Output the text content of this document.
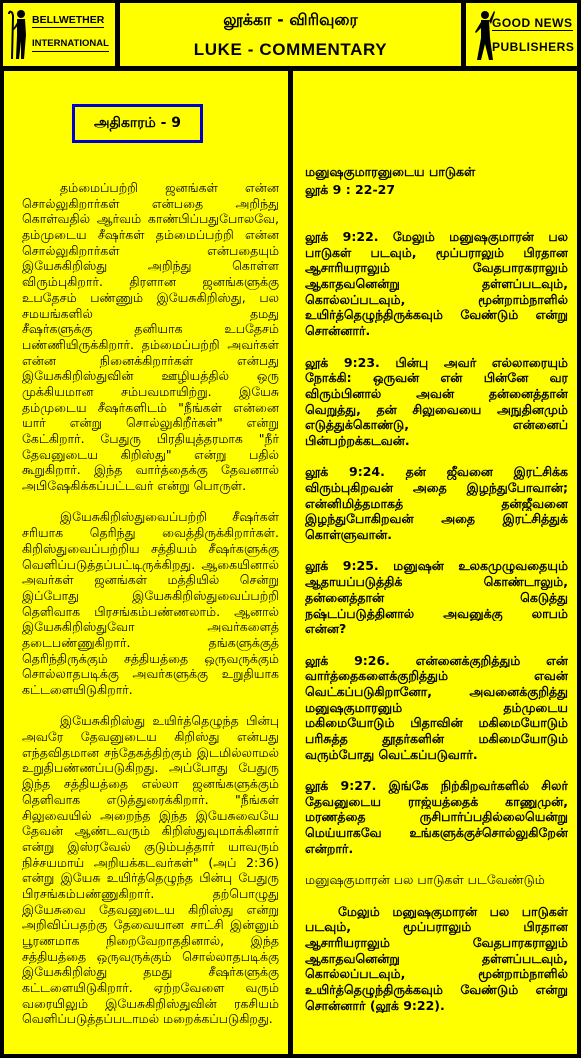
BELLWETHER
INTERNATIONAL
லூக்கா - விரிவுரை
LUKE - COMMENTARY
GOOD NEWS
PUBLISHERS
அதிகாரம் - 9
தம்மைப்பற்றி ஜனங்கள் என்ன
சொல்லுகிறார்கள் என்பதை அறிந்து
கொள்வதில் ஆர்வம் காண்பிப்பதுபோலவே,
தம்முடைய சீஷர்கள் தம்மைப்பற்றி என்ன
சொல்லுகிறார்கள் என்பதையும்
இயேசுகிறிஸ்து அறிந்து கொள்ள
விரும்புகிறார். திரளான ஜனங்களுக்கு
உபதேசம் பண்ணும் இயேசுகிறிஸ்து, பல
சமயங்களில் தமது
சீஷர்களுக்கு தனியாக உபதேசம்
பண்ணியிருக்கிறார். தம்மைப்பற்றி அவர்கள்
என்ன நினைக்கிறார்கள் என்பது
இயேசுகிறிஸ்துவின் ஊழியத்தில் ஒரு
முக்கியமான சம்பவமாயிற்று. இயேசு
தம்முடைய சீஷர்களிடம் "நீங்கள் என்னை
யார் என்று சொல்லுகிறீர்கள்" என்று
கேட்கிறார். பேதுரு பிரதியுத்தரமாக "நீர்
தேவனுடைய கிறிஸ்து" என்று பதில்
கூறுகிறார். இந்த வார்த்தைக்கு தேவனால்
அபிஷேகிக்கப்பட்டவர் என்று பொருள்.
இயேசுகிறிஸ்துவைப்பற்றி சீஷர்கள்
சரியாக தெரிந்து வைத்திருக்கிறார்கள்.
கிறிஸ்துவைப்பற்றிய சத்தியம் சீஷர்களுக்கு
வெளிப்படுத்தப்பட்டிருக்கிறது. ஆகையினால்
அவர்கள் ஜனங்கள் மத்தியில் சென்று
இப்போது இயேசுகிறிஸ்துவைப்பற்றி
தெளிவாக பிரசங்கம்பண்ணலாம். ஆனால்
இயேசுகிறிஸ்துவோ அவர்களைத்
தடைபண்ணுகிறார். தங்களுக்குத்
தெரிந்திருக்கும் சத்தியத்தை ஒருவருக்கும்
சொல்லாதபடிக்கு அவர்களுக்கு உறுதியாக
கட்டளையிடுகிறார்.
இயேசுகிறிஸ்து உயிர்த்தெழுந்த பின்பு
அவரே தேவனுடைய கிறிஸ்து என்பது
எந்தவிதமான சந்தேகத்திற்கும் இடமில்லாமல்
உறுதிபண்ணப்படுகிறது. அப்போது பேதுரு
இந்த சத்தியத்தை எல்லா ஜனங்களுக்கும்
தெளிவாக எடுத்துரைக்கிறார். "நீங்கள்
சிலுவையில் அறைந்த இந்த இயேசுவையே
தேவன் ஆண்டவரும் கிறிஸ்துவுமாக்கினார்
என்று இஸ்ரவேல் குடும்பத்தார் யாவரும்
நிச்சயமாய் அறியக்கடவர்கள்" (அப் 2:36)
என்று இயேசு உயிர்த்தெழுந்த பின்பு பேதுரு
பிரசங்கம்பண்ணுகிறார். தற்பொழுது
இயேசுவை தேவனுடைய கிறிஸ்து என்று
அறிவிப்பதற்கு தேவையான சாட்சி இன்னும்
பூரணமாக நிறைவேறாததினால், இந்த
சத்தியத்தை ஒருவருக்கும் சொல்லாதபடிக்கு
இயேசுகிறிஸ்து தமது சீஷர்களுக்கு
கட்டளையிடுகிறார். ஏற்றவேளை வரும்
வரையிலும் இயேசுகிறிஸ்துவின் ரகசியம்
வெளிப்படுத்தப்படாமல் மறைக்கப்படுகிறது.
மனுஷகுமாரனுடைய பாடுகள்
லூக் 9 : 22-27
லூக் 9:22. மேலும் மனுஷகுமாரன் பல
பாடுகள் படவும், மூப்பராலும் பிரதான
ஆசாரியராலும் வேதபாரகராலும்
ஆகாதவனென்று தள்ளப்படவும்,
கொல்லப்படவும், மூன்றாம்நாளில்
உயிர்த்தெழுந்திருக்கவும் வேண்டும் என்று
சொன்னார்.
லூக் 9:23. பின்பு அவர் எல்லாரையும்
நோக்கி: ஒருவன் என் பின்னே வர
விரும்பினால் அவன் தன்னைத்தான்
வெறுத்து, தன் சிலுவையை அநுதினமும்
எடுத்துக்கொண்டு, என்னைப்
பின்பற்றக்கடவன்.
லூக் 9:24. தன் ஜீவனை இரட்சிக்க
விரும்புகிறவன் அதை இழந்துபோவான்;
என்னிமித்தமாகத் தன்ஜீவனை
இழந்துபோகிறவன் அதை இரட்சித்துக்
கொள்ளுவான்.
லூக் 9:25. மனுஷன் உலகமுழுவதையும்
ஆதாயப்படுத்திக் கொண்டாலும்,
தன்னைத்தான் கெடுத்து
நஷ்டப்படுத்தினால் அவனுக்கு லாபம்
என்ன?
லூக் 9:26. என்னைக்குறித்தும் என்
வார்த்தைகளைக்குறித்தும் எவன்
வெட்கப்படுகிறானோ, அவனைக்குறித்து
மனுஷகுமாரனும் தம்முடைய
மகிமையோடும் பிதாவின் மகிமையோடும்
பரிசுத்த தூதர்களின் மகிமையோடும்
வரும்போது வெட்கப்படுவார்.
லூக் 9:27. இங்கே நிற்கிறவர்களில் சிலர்
தேவனுடைய ராஜ்யத்தைக் காணுமுன்,
மரணத்தை ருசிபார்ப்பதில்லையென்று
மெய்யாகவே உங்களுக்குச்சொல்லுகிறேன்
என்றார்.
மனுஷகுமாரன் பல பாடுகள் படவேண்டும்
மேலும் மனுஷகுமாரன் பல பாடுகள்
படவும், மூப்பராலும் பிரதான
ஆசாரியராலும் வேதபாரகராலும்
ஆகாதவனென்று தள்ளப்படவும்,
கொல்லப்படவும், மூன்றாம்நாளில்
உயிர்த்தெழுந்திருக்கவும் வேண்டும் என்று
சொன்னார் (லூக் 9:22).
